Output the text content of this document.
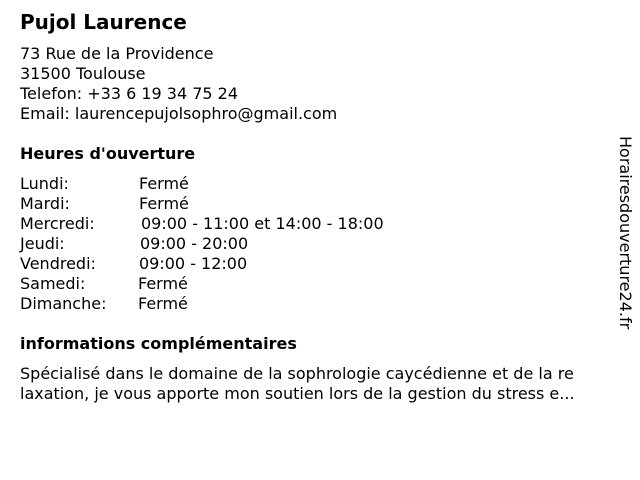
Pujol Laurence
73 Rue de la Providence
31500 Toulouse
Telefon: +33 6 19 34 75 24
Email: laurencepujolsophro@gmail.com
Heures d'ouverture
Lundi:	Fermé
Mardi:	Fermé
Mercredi:	09:00 - 11:00 et 14:00 - 18:00
Jeudi:	09:00 - 20:00
Vendredi:	09:00 - 12:00
Samedi:	Fermé
Dimanche: Fermé
informations complémentaires
Spécialisé dans le domaine de la sophrologie caycédienne et de la re
laxation, je vous apporte mon soutien lors de la gestion du stress e...
Horairesdouverture24.fr
